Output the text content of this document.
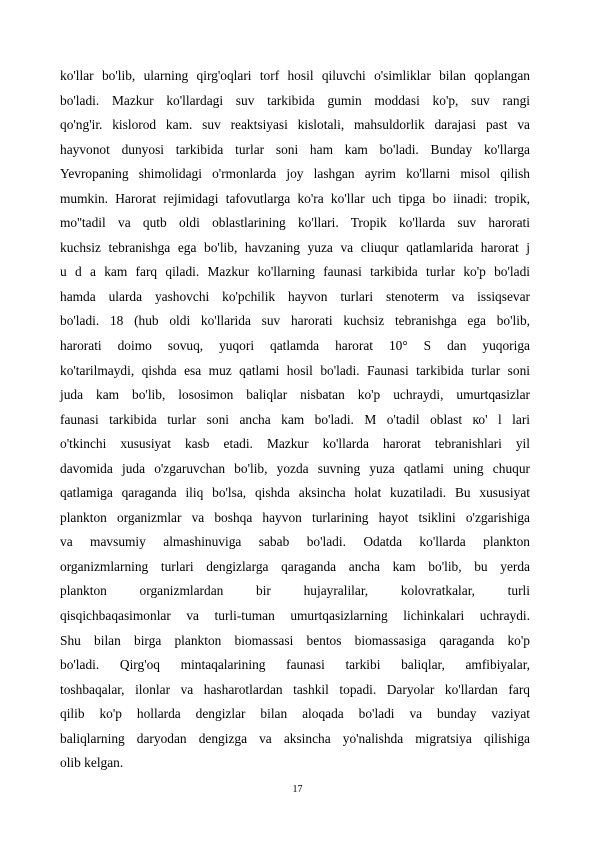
ko'llar bo'lib, ularning qirg'oqlari torf hosil qiluvchi o'simliklar bilan qoplangan
bo'ladi. Mazkur ko'llardagi suv tarkibida gumin moddasi ko'p, suv rangi
qo'ng'ir. kislorod kam. suv reaktsiyasi kislotali, mahsuldorlik darajasi past va
hayvonot dunyosi tarkibida turlar soni ham kam bo'ladi. Bunday ko'llarga
Yevropaning shimolidagi o'rmonlarda joy lashgan ayrim ko'llarni misol qilish
mumkin. Harorat rejimidagi tafovutlarga ko'ra ko'llar uch tipga bo iinadi: tropik,
mo''tadil va qutb oldi oblastlarining ko'llari. Tropik ko'llarda suv harorati
kuchsiz tebranishga ega bo'lib, havzaning yuza va cliuqur qatlamlarida harorat j
u d a kam farq qiladi. Mazkur ko'llarning faunasi tarkibida turlar ko'p bo'ladi
hamda ularda yashovchi ko'pchilik hayvon turlari stenoterm va issiqsevar
bo'ladi. 18 (hub oldi ko'llarida suv harorati kuchsiz tebranishga ega bo'lib,
harorati doimo sovuq, yuqori qatlamda harorat 10° S dan yuqoriga
ko'tarilmaydi, qishda esa muz qatlami hosil bo'ladi. Faunasi tarkibida turlar soni
juda kam bo'lib, lososimon baliqlar nisbatan ko'p uchraydi, umurtqasizlar
faunasi tarkibida turlar soni ancha kam bo'ladi. M o'tadil oblast ко' l lari
o'tkinchi xususiyat kasb etadi. Mazkur ko'llarda harorat tebranishlari yil
davomida juda o'zgaruvchan bo'lib, yozda suvning yuza qatlami uning chuqur
qatlamiga qaraganda iliq bo'lsa, qishda aksincha holat kuzatiladi. Bu xususiyat
plankton organizmlar va boshqa hayvon turlarining hayot tsiklini o'zgarishiga
va mavsumiy almashinuviga sabab bo'ladi. Odatda ko'llarda plankton
organizmlarning turlari dengizlarga qaraganda ancha kam bo'lib, bu yerda
plankton organizmlardan bir hujayralilar, kolovratkalar, turli
qisqichbaqasimonlar va turli-tuman umurtqasizlarning lichinkalari uchraydi.
Shu bilan birga plankton biomassasi bentos biomassasiga qaraganda ko'p
bo'ladi. Qirg'oq mintaqalarining faunasi tarkibi baliqlar, amfibiyalar,
toshbaqalar, ilonlar va hasharotlardan tashkil topadi. Daryolar ko'llardan farq
qilib ko'p hollarda dengizlar bilan aloqada bo'ladi va bunday vaziyat
baliqlarning daryodan dengizga va aksincha yo'nalishda migratsiya qilishiga
olib kelgan.
17
